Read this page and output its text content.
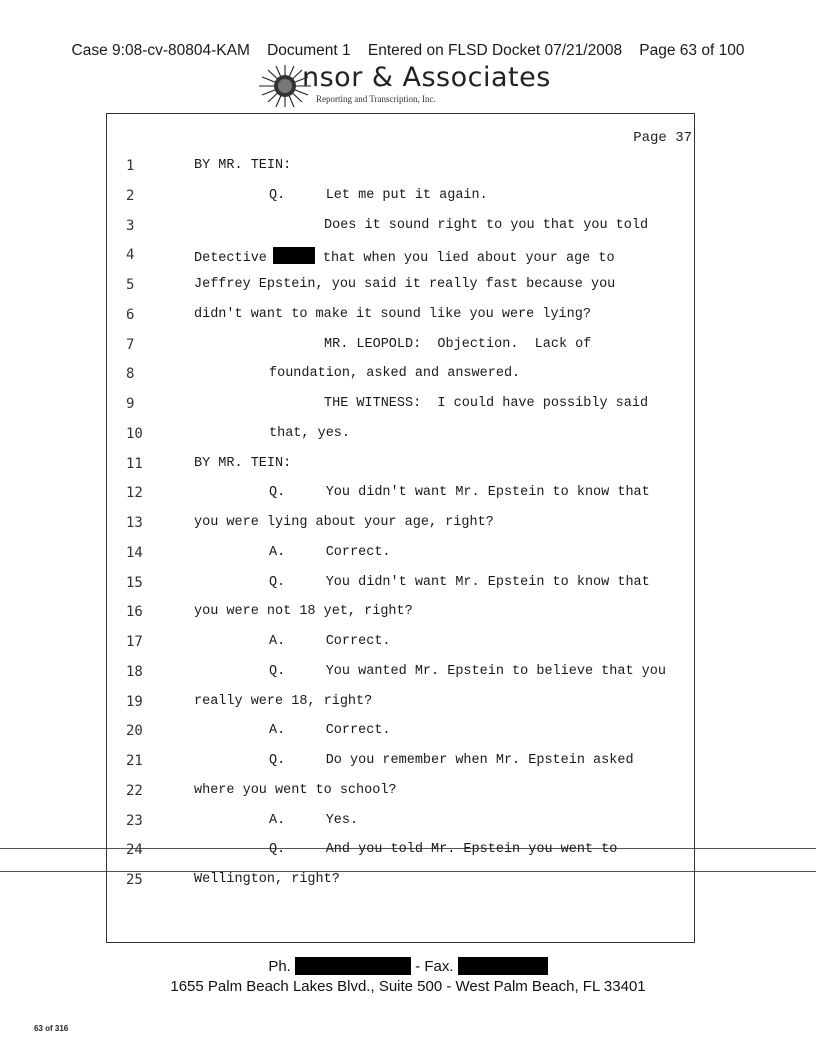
Case 9:08-cv-80804-KAM    Document 1    Entered on FLSD Docket 07/21/2008    Page 63 of 100
nsor & Associates
Reporting and Transcription, Inc.
Page 37
1	BY MR. TEIN:
2	Q.     Let me put it again.
3	Does it sound right to you that you told
4	Detective	that when you lied about your age to
5	Jeffrey Epstein, you said it really fast because you
6	didn't want to make it sound like you were lying?
7	MR. LEOPOLD:  Objection.  Lack of
8	foundation, asked and answered.
9	THE WITNESS:  I could have possibly said
10	that, yes.
11	BY MR. TEIN:
12	Q.     You didn't want Mr. Epstein to know that
13	you were lying about your age, right?
14	A.     Correct.
15	Q.     You didn't want Mr. Epstein to know that
16	you were not 18 yet, right?
17	A.     Correct.
18	Q.     You wanted Mr. Epstein to believe that you
19	really were 18, right?
20	A.     Correct.
21	Q.     Do you remember when Mr. Epstein asked
22	where you went to school?
23	A.     Yes.
24	Q.     And you told Mr. Epstein you went to
25	Wellington, right?
Ph.	- Fax.
1655 Palm Beach Lakes Blvd., Suite 500 - West Palm Beach, FL 33401
63 of 316
